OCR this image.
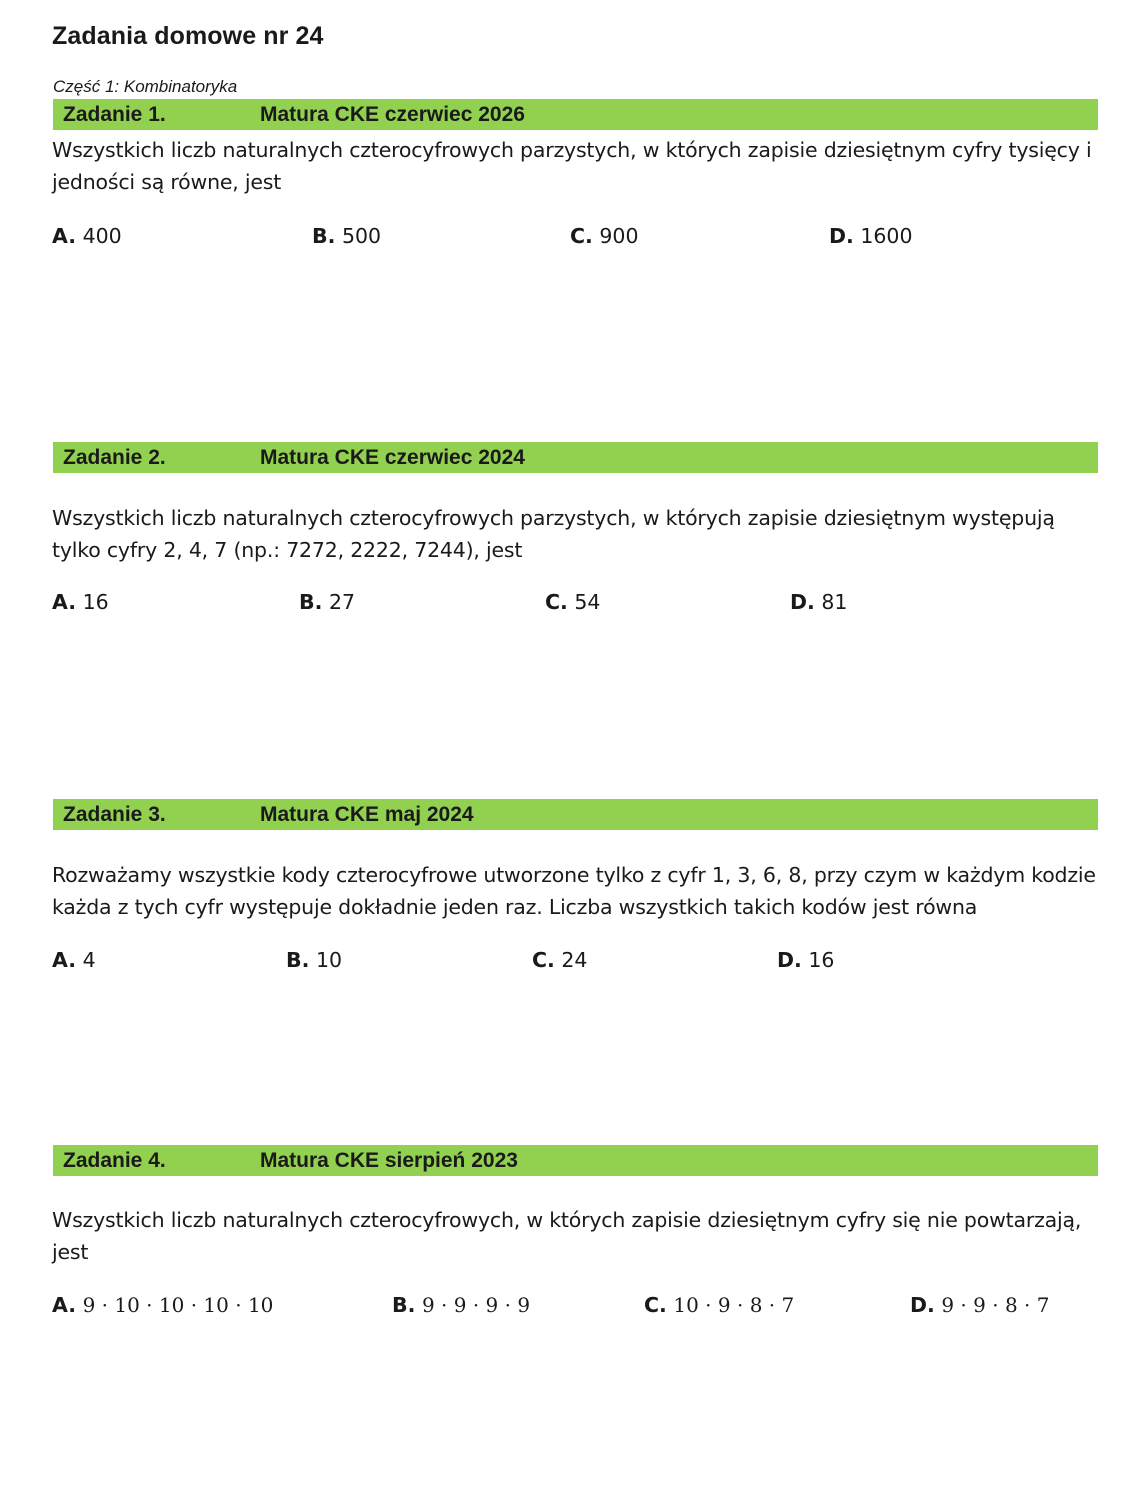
Zadania domowe nr 24
Część 1: Kombinatoryka
Zadanie 1.	Matura CKE czerwiec 2026
Wszystkich liczb naturalnych czterocyfrowych parzystych, w których zapisie dziesiętnym cyfry tysięcy i jedności są równe, jest
A. 400	B. 500	C. 900	D. 1600
Zadanie 2.	Matura CKE czerwiec 2024
Wszystkich liczb naturalnych czterocyfrowych parzystych, w których zapisie dziesiętnym występują tylko cyfry 2, 4, 7 (np.: 7272, 2222, 7244), jest
A. 16	B. 27	C. 54	D. 81
Zadanie 3.	Matura CKE maj 2024
Rozważamy wszystkie kody czterocyfrowe utworzone tylko z cyfr 1, 3, 6, 8, przy czym w każdym kodzie każda z tych cyfr występuje dokładnie jeden raz. Liczba wszystkich takich kodów jest równa
A. 4	B. 10	C. 24	D. 16
Zadanie 4.	Matura CKE sierpień 2023
Wszystkich liczb naturalnych czterocyfrowych, w których zapisie dziesiętnym cyfry się nie powtarzają, jest
A. 9 · 10 · 10 · 10 · 10	B. 9 · 9 · 9 · 9	C. 10 · 9 · 8 · 7	D. 9 · 9 · 8 · 7
